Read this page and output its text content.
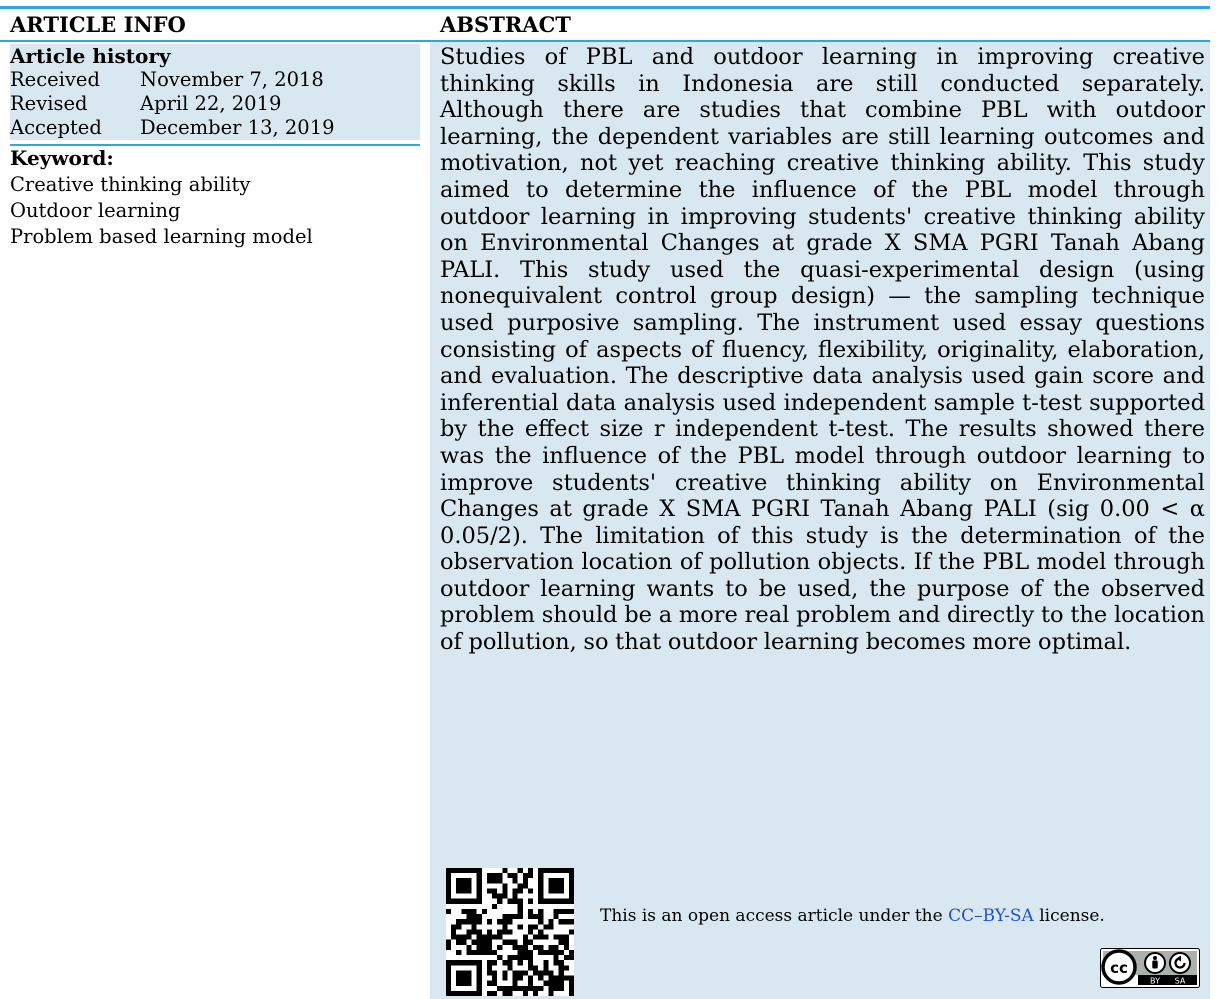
ARTICLE INFO	ABSTRACT
Article history
Received November 7, 2018
Revised	April 22, 2019
Accepted December 13, 2019
Keyword:
Creative thinking ability
Outdoor learning
Problem based learning model

Studies of PBL and outdoor learning in improving creative thinking skills in Indonesia are still conducted separately. Although there are studies that combine PBL with outdoor learning, the dependent variables are still learning outcomes and motivation, not yet reaching creative thinking ability. This study aimed to determine the influence of the PBL model through outdoor learning in improving students' creative thinking ability on Environmental Changes at grade X SMA PGRI Tanah Abang PALI. This study used the quasi-experimental design (using nonequivalent control group design) — the sampling technique used purposive sampling. The instrument used essay questions consisting of aspects of fluency, flexibility, originality, elaboration, and evaluation. The descriptive data analysis used gain score and inferential data analysis used independent sample t-test supported by the effect size r independent t-test. The results showed there was the influence of the PBL model through outdoor learning to improve students' creative thinking ability on Environmental Changes at grade X SMA PGRI Tanah Abang PALI (sig 0.00 < α 0.05/2). The limitation of this study is the determination of the observation location of pollution objects. If the PBL model through outdoor learning wants to be used, the purpose of the observed problem should be a more real problem and directly to the location of pollution, so that outdoor learning becomes more optimal.

This is an open access article under the CC–BY-SA license.
cc
BY SA
